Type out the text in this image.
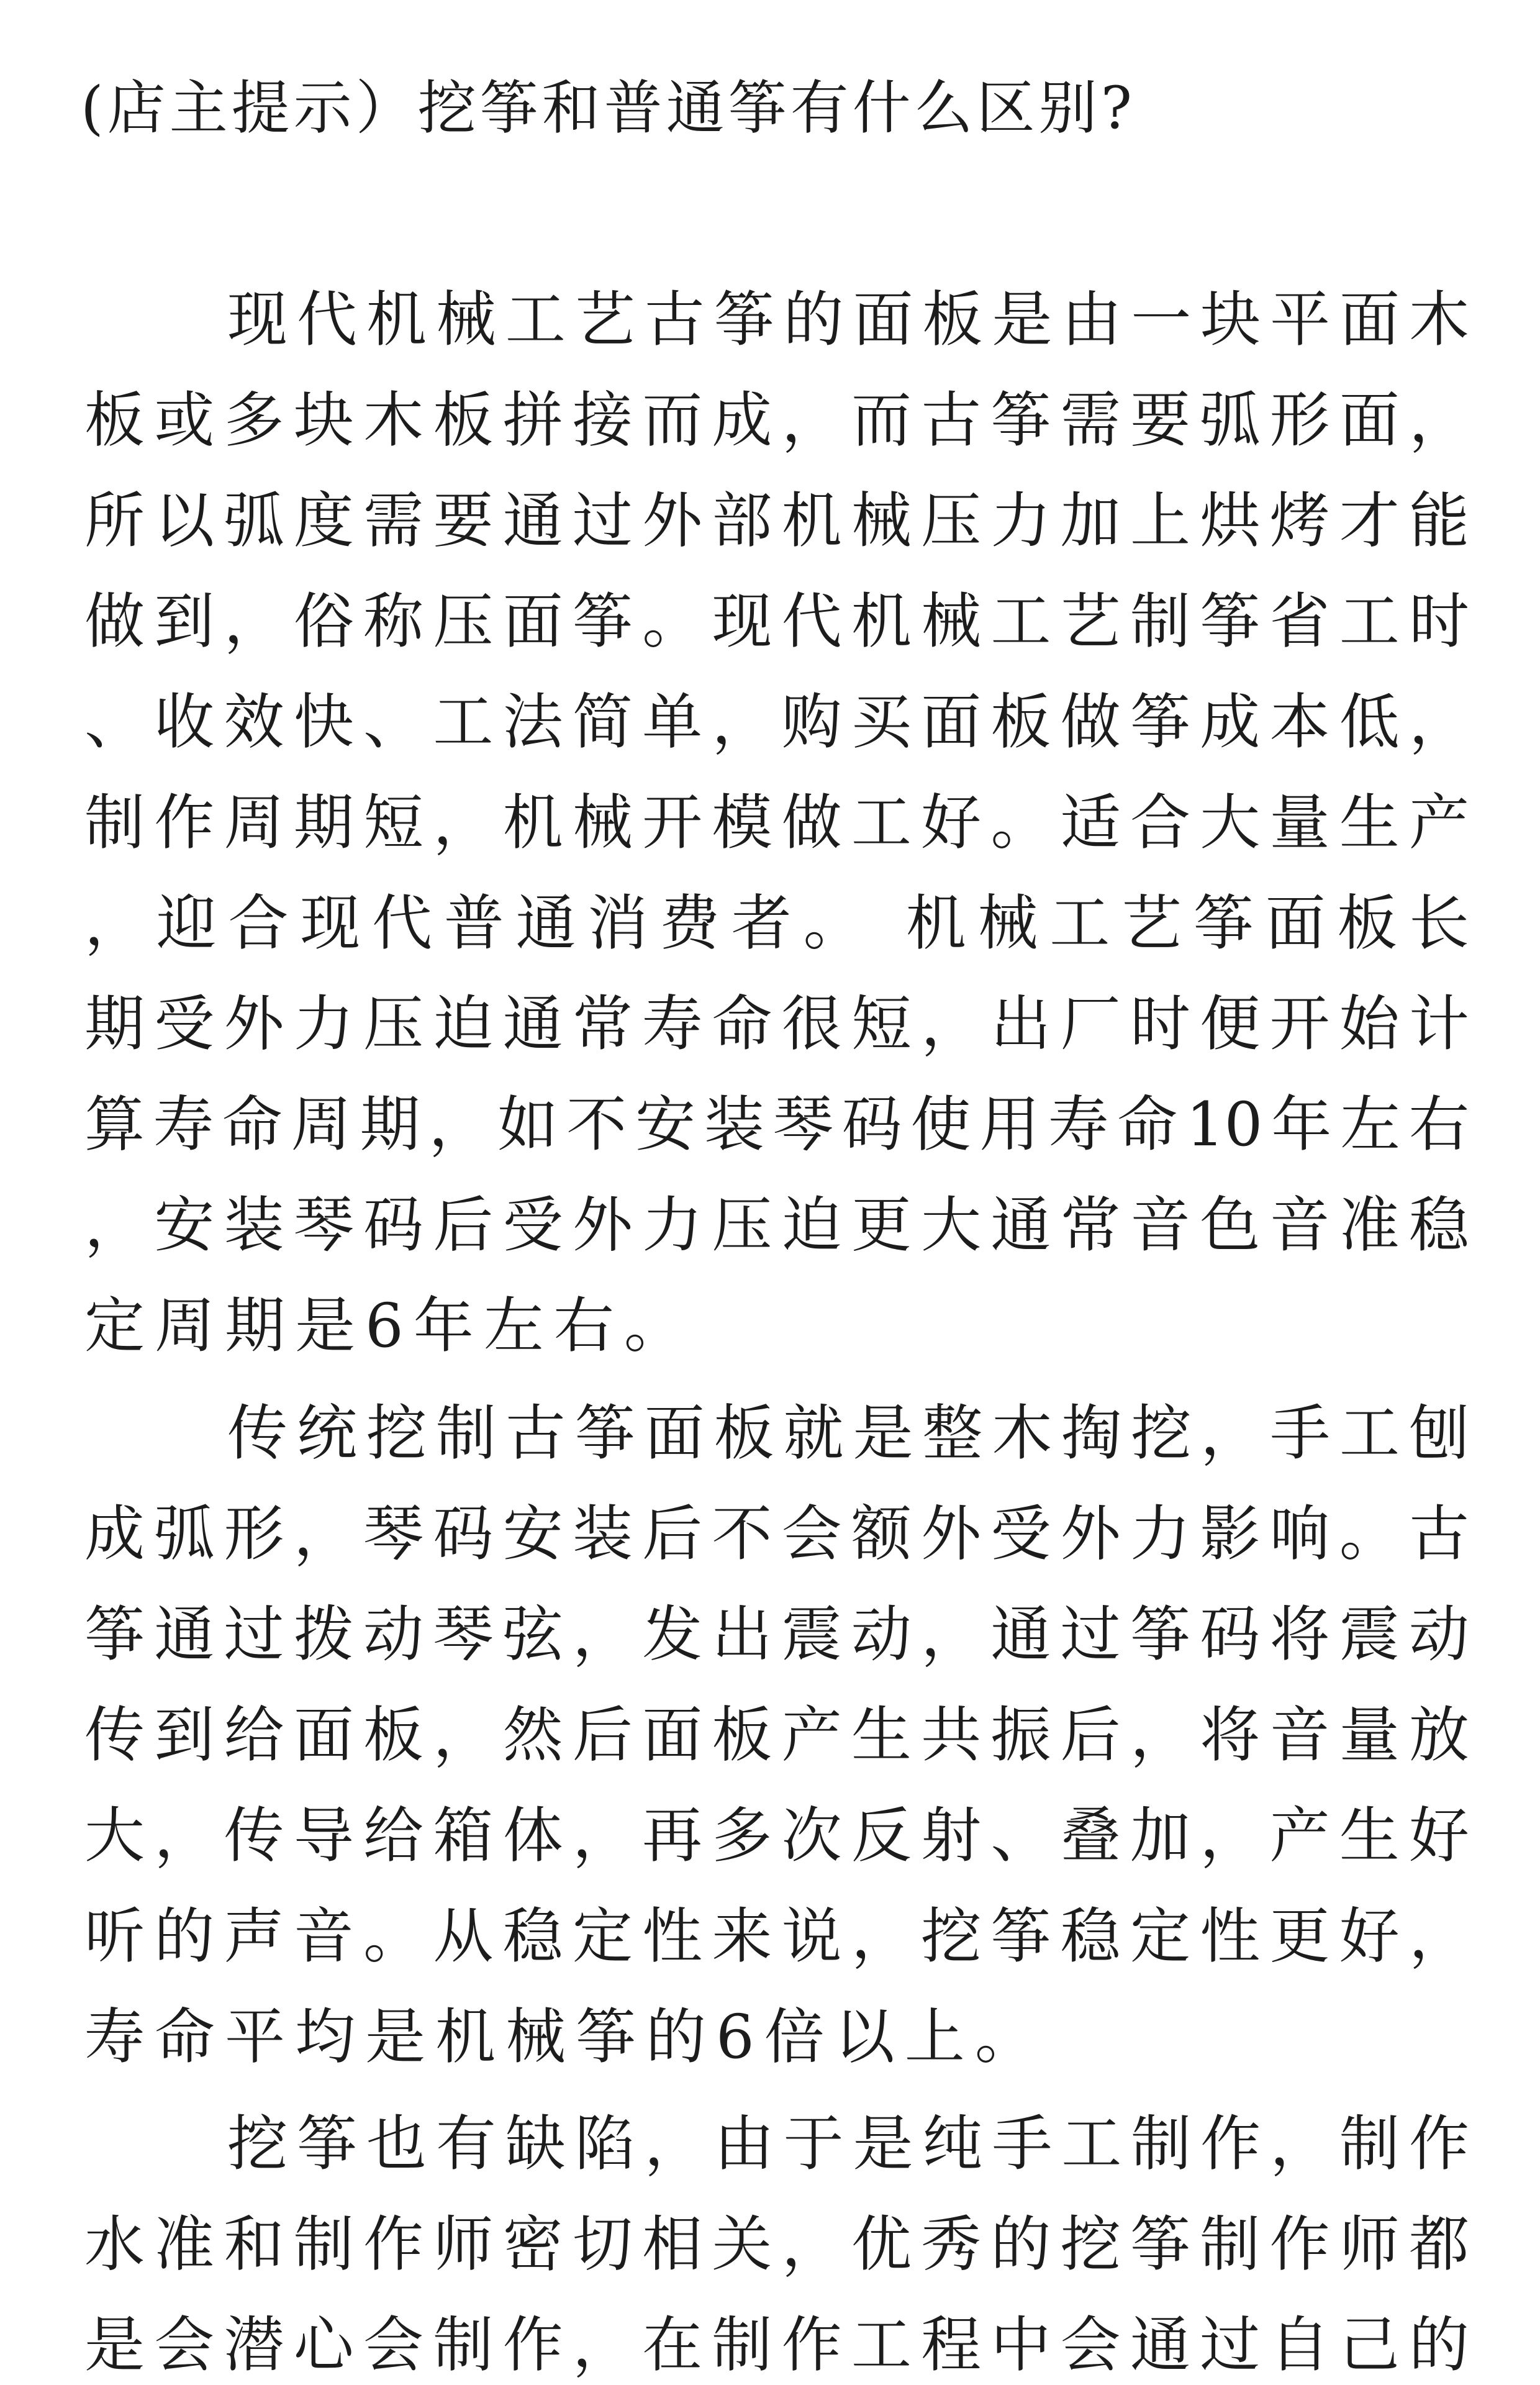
(店主提示）挖筝和普通筝有什么区别?

现代机械工艺古筝的面板是由一块平面木

板或多块木板拼接而成，而古筝需要弧形面，

所以弧度需要通过外部机械压力加上烘烤才能

做到，俗称压面筝。现代机械工艺制筝省工时

、收效快、工法简单，购买面板做筝成本低，

制作周期短，机械开模做工好。适合大量生产

，迎合现代普通消费者。 机械工艺筝面板长

期受外力压迫通常寿命很短，出厂时便开始计

算寿命周期，如不安装琴码使用寿命10年左右

，安装琴码后受外力压迫更大通常音色音准稳

定周期是6年左右。

传统挖制古筝面板就是整木掏挖，手工刨

成弧形，琴码安装后不会额外受外力影响。古

筝通过拨动琴弦，发出震动，通过筝码将震动

传到给面板，然后面板产生共振后，将音量放

大，传导给箱体，再多次反射、叠加，产生好

听的声音。从稳定性来说，挖筝稳定性更好，

寿命平均是机械筝的6倍以上。

挖筝也有缺陷，由于是纯手工制作，制作

水准和制作师密切相关，优秀的挖筝制作师都

是会潜心会制作，在制作工程中会通过自己的
